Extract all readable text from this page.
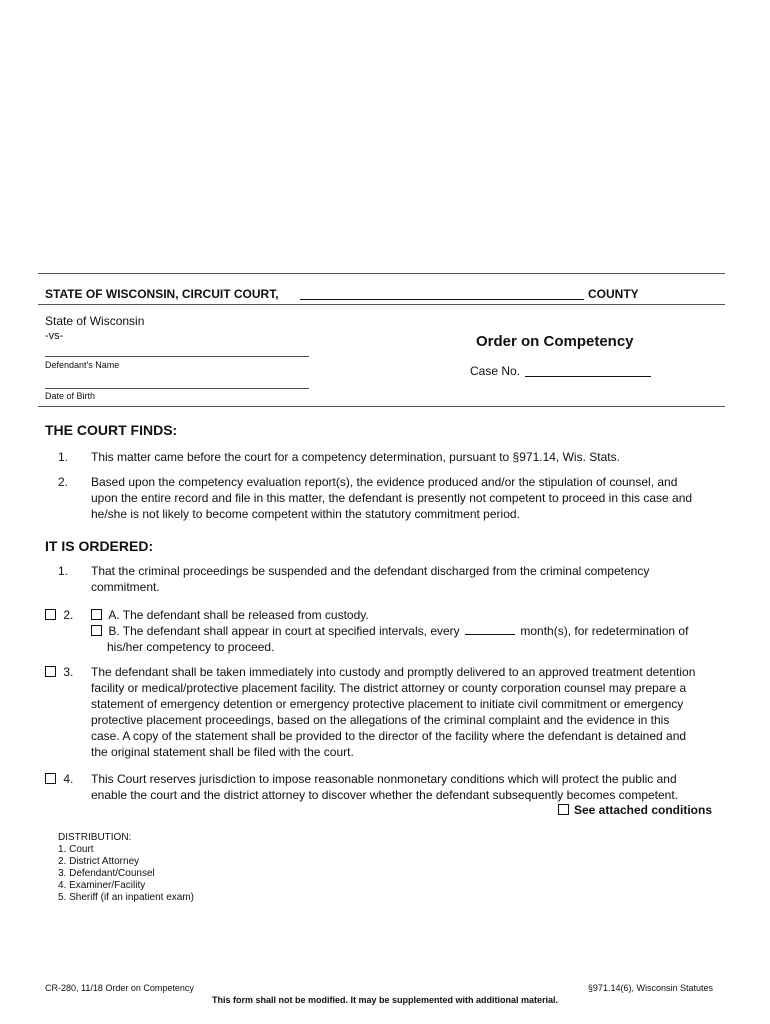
STATE OF WISCONSIN, CIRCUIT COURT,	COUNTY
State of Wisconsin
-vs-
Defendant's Name
Date of Birth
Order on Competency
Case No.
THE COURT FINDS:
1. This matter came before the court for a competency determination, pursuant to §971.14, Wis. Stats.
2. Based upon the competency evaluation report(s), the evidence produced and/or the stipulation of counsel, and
upon the entire record and file in this matter, the defendant is presently not competent to proceed in this case and
he/she is not likely to become competent within the statutory commitment period.
IT IS ORDERED:
1. That the criminal proceedings be suspended and the defendant discharged from the criminal competency
commitment.
2.	A. The defendant shall be released from custody.
B. The defendant shall appear in court at specified intervals, every	month(s), for redetermination of
his/her competency to proceed.
3. The defendant shall be taken immediately into custody and promptly delivered to an approved treatment detention
facility or medical/protective placement facility. The district attorney or county corporation counsel may prepare a
statement of emergency detention or emergency protective placement to initiate civil commitment or emergency
protective placement proceedings, based on the allegations of the criminal complaint and the evidence in this
case. A copy of the statement shall be provided to the director of the facility where the defendant is detained and
the original statement shall be filed with the court.
4. This Court reserves jurisdiction to impose reasonable nonmonetary conditions which will protect the public and
enable the court and the district attorney to discover whether the defendant subsequently becomes competent.
See attached conditions
DISTRIBUTION:
1. Court
2. District Attorney
3. Defendant/Counsel
4. Examiner/Facility
5. Sheriff (if an inpatient exam)
CR-280, 11/18 Order on Competency	§971.14(6), Wisconsin Statutes
This form shall not be modified. It may be supplemented with additional material.
